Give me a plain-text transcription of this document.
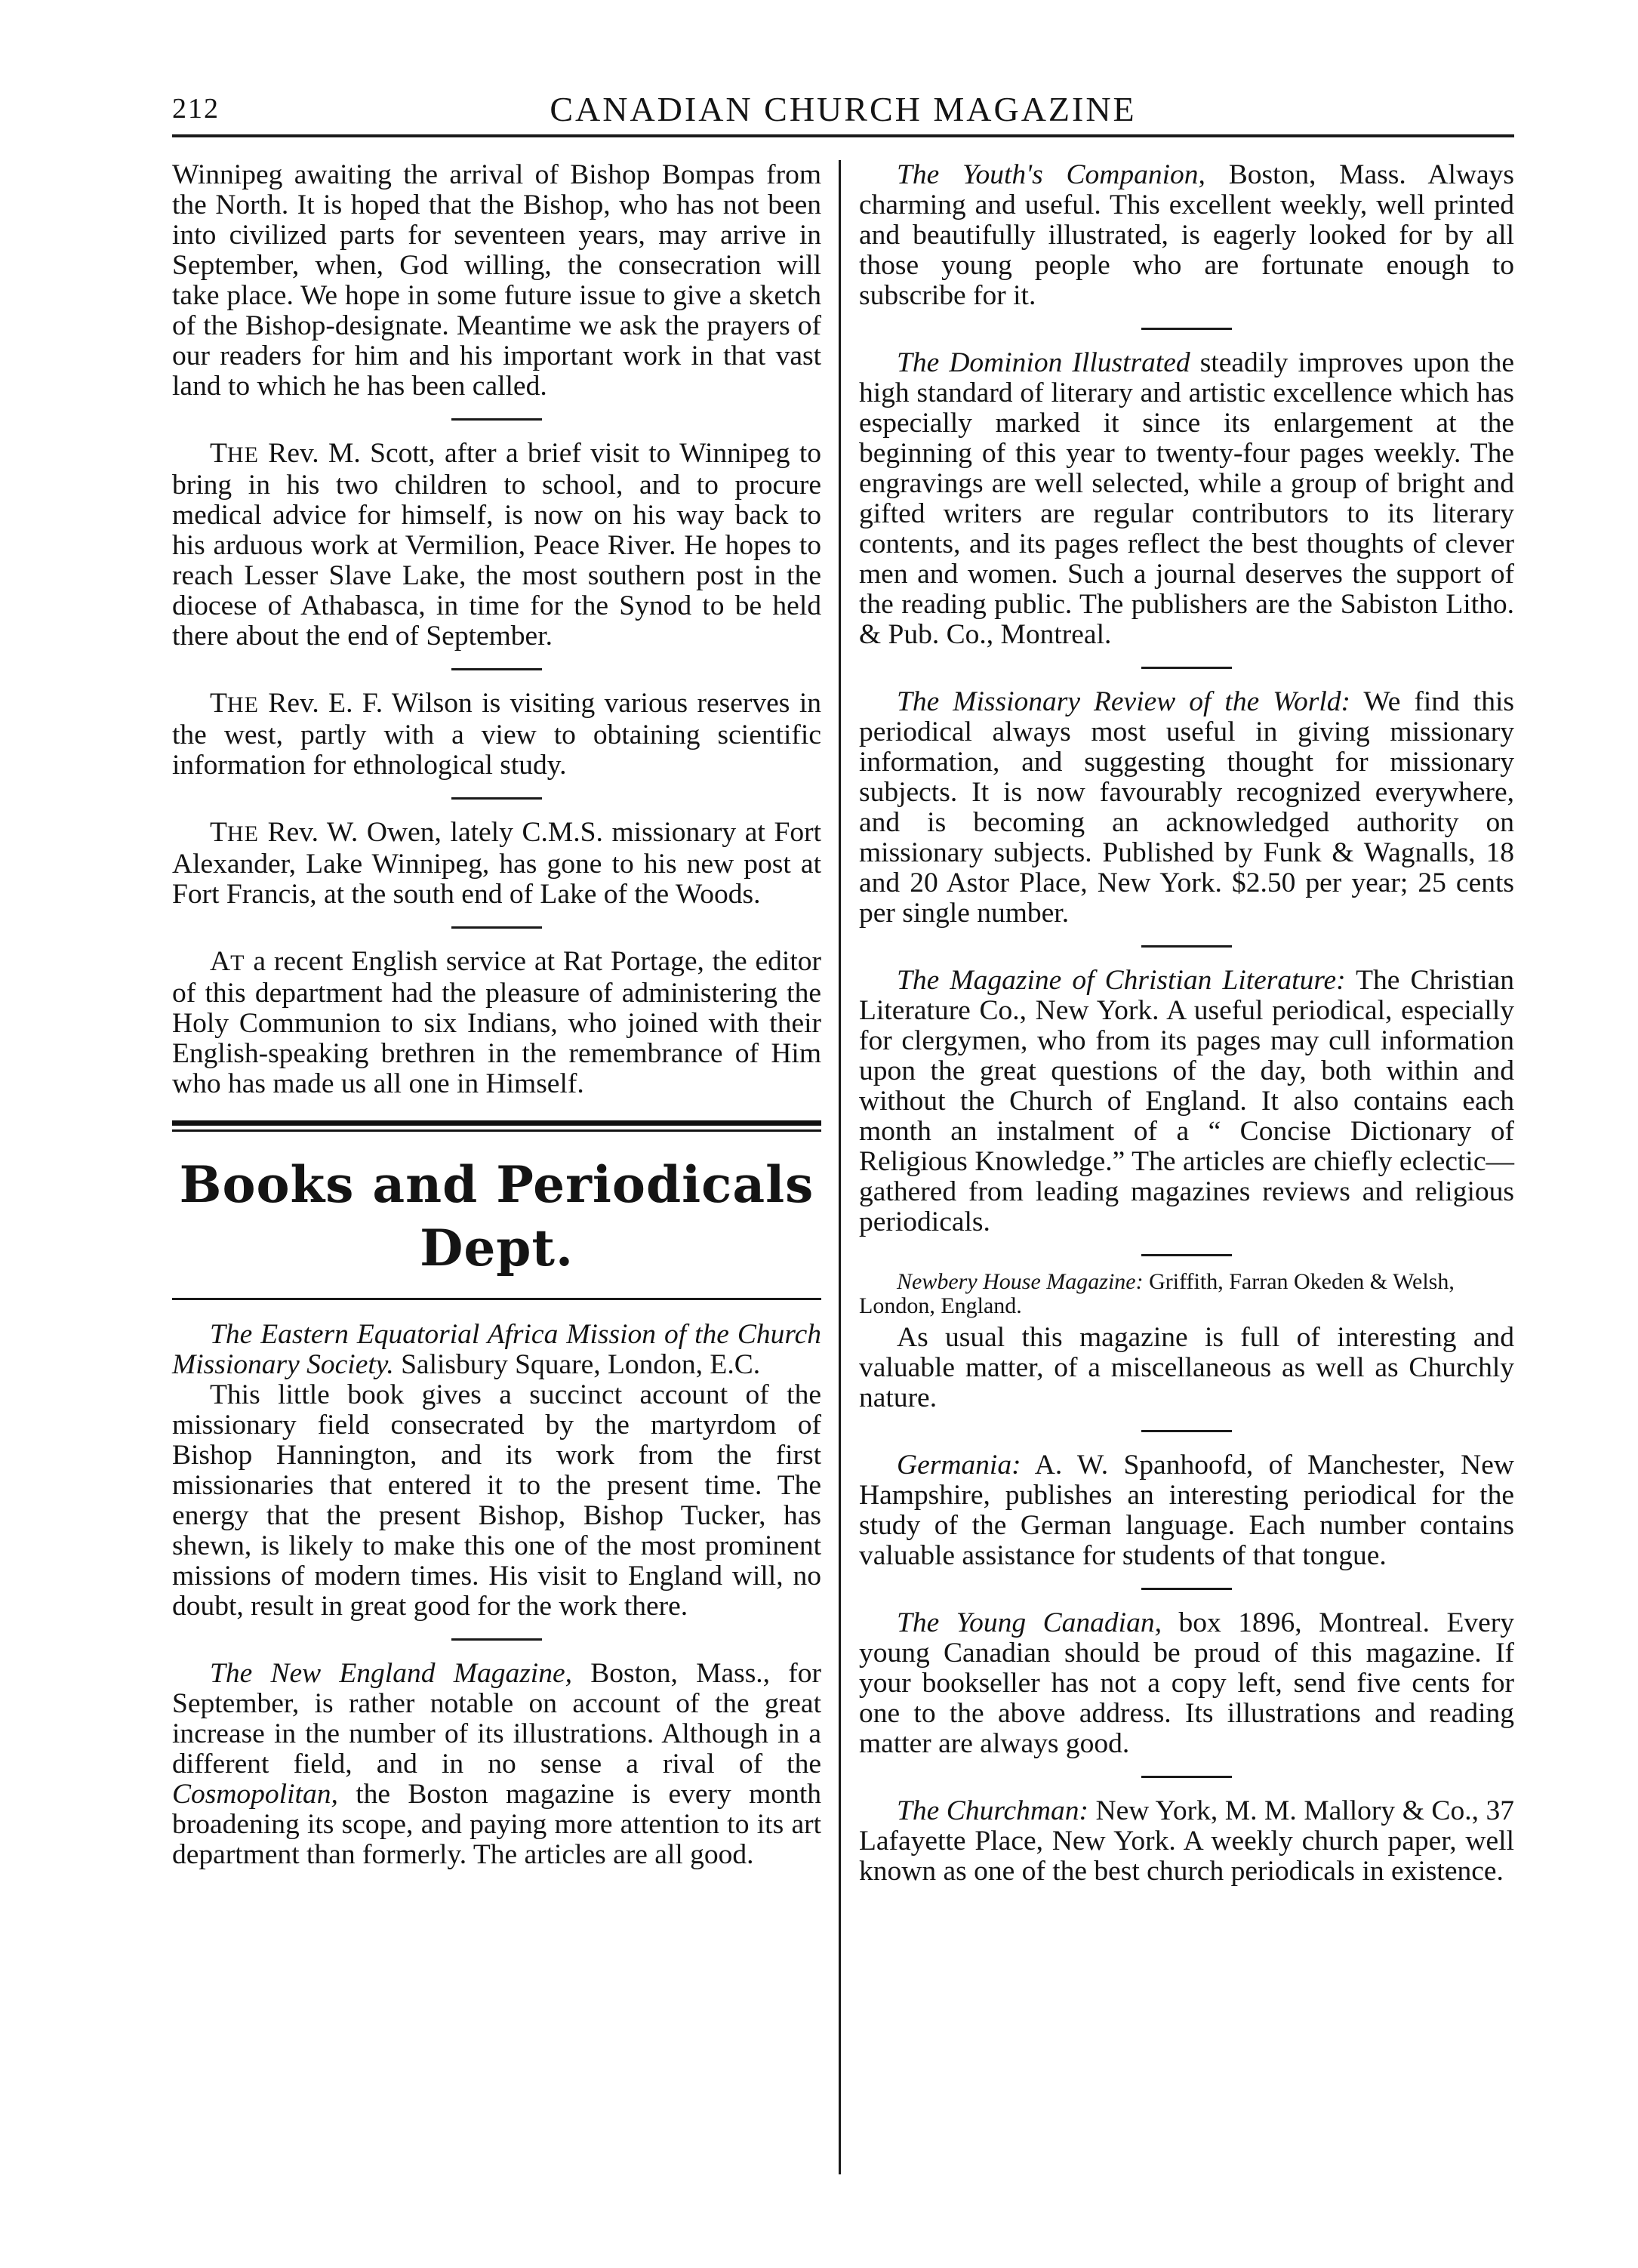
212	CANADIAN CHURCH MAGAZINE

Winnipeg awaiting the arrival of Bishop Bompas from the North. It is hoped that the Bishop, who has not been into civilized parts for seventeen years, may arrive in September, when, God willing, the consecration will take place. We hope in some future issue to give a sketch of the Bishop-designate. Meantime we ask the prayers of our readers for him and his important work in that vast land to which he has been called.

THE Rev. M. Scott, after a brief visit to Winnipeg to bring in his two children to school, and to procure medical advice for himself, is now on his way back to his arduous work at Vermilion, Peace River. He hopes to reach Lesser Slave Lake, the most southern post in the diocese of Athabasca, in time for the Synod to be held there about the end of September.

THE Rev. E. F. Wilson is visiting various reserves in the west, partly with a view to obtaining scientific information for ethnological study.

THE Rev. W. Owen, lately C.M.S. missionary at Fort Alexander, Lake Winnipeg, has gone to his new post at Fort Francis, at the south end of Lake of the Woods.

AT a recent English service at Rat Portage, the editor of this department had the pleasure of administering the Holy Communion to six Indians, who joined with their English-speaking brethren in the remembrance of Him who has made us all one in Himself.

Books and Periodicals Dept.

The Eastern Equatorial Africa Mission of the Church Missionary Society. Salisbury Square, London, E.C.

This little book gives a succinct account of the missionary field consecrated by the martyrdom of Bishop Hannington, and its work from the first missionaries that entered it to the present time. The energy that the present Bishop, Bishop Tucker, has shewn, is likely to make this one of the most prominent missions of modern times. His visit to England will, no doubt, result in great good for the work there.

The New England Magazine, Boston, Mass., for September, is rather notable on account of the great increase in the number of its illustrations. Although in a different field, and in no sense a rival of the Cosmopolitan, the Boston magazine is every month broadening its scope, and paying more attention to its art department than formerly. The articles are all good.

The Youth's Companion, Boston, Mass. Always charming and useful. This excellent weekly, well printed and beautifully illustrated, is eagerly looked for by all those young people who are fortunate enough to subscribe for it.

The Dominion Illustrated steadily improves upon the high standard of literary and artistic excellence which has especially marked it since its enlargement at the beginning of this year to twenty-four pages weekly. The engravings are well selected, while a group of bright and gifted writers are regular contributors to its literary contents, and its pages reflect the best thoughts of clever men and women. Such a journal deserves the support of the reading public. The publishers are the Sabiston Litho. & Pub. Co., Montreal.

The Missionary Review of the World: We find this periodical always most useful in giving missionary information, and suggesting thought for missionary subjects. It is now favourably recognized everywhere, and is becoming an acknowledged authority on missionary subjects. Published by Funk & Wagnalls, 18 and 20 Astor Place, New York. $2.50 per year; 25 cents per single number.

The Magazine of Christian Literature: The Christian Literature Co., New York. A useful periodical, especially for clergymen, who from its pages may cull information upon the great questions of the day, both within and without the Church of England. It also contains each month an instalment of a “ Concise Dictionary of Religious Knowledge.” The articles are chiefly eclectic—gathered from leading magazines reviews and religious periodicals.

Newbery House Magazine: Griffith, Farran Okeden & Welsh, London, England.

As usual this magazine is full of interesting and valuable matter, of a miscellaneous as well as Churchly nature.

Germania: A. W. Spanhoofd, of Manchester, New Hampshire, publishes an interesting periodical for the study of the German language. Each number contains valuable assistance for students of that tongue.

The Young Canadian, box 1896, Montreal. Every young Canadian should be proud of this magazine. If your bookseller has not a copy left, send five cents for one to the above address. Its illustrations and reading matter are always good.

The Churchman: New York, M. M. Mallory & Co., 37 Lafayette Place, New York. A weekly church paper, well known as one of the best church periodicals in existence.
